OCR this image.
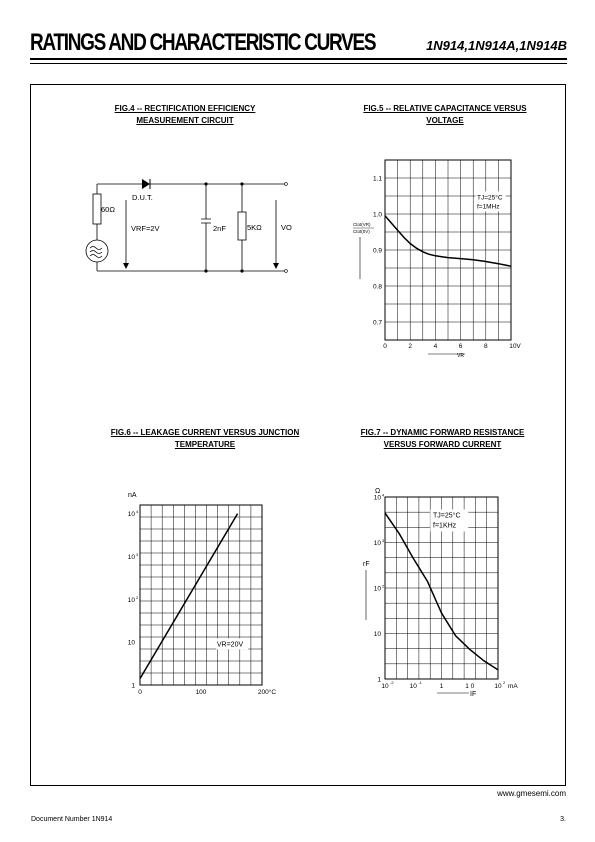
RATINGS AND CHARACTERISTIC CURVES	1N914,1N914A,1N914B
FIG.4 -- RECTIFICATION EFFICIENCY
MEASUREMENT CIRCUIT
60Ω
D.U.T.
VRF=2V	2nF	5KΩ	VO
FIG.5 -- RELATIVE CAPACITANCE VERSUS
VOLTAGE
0.7
0.8
0.9
1.0
1.1
0	2	4	6	8	10V
VR
Ctot(VR)
Ctot(0V)
TJ=25°C
f=1MHz
FIG.6 -- LEAKAGE CURRENT VERSUS JUNCTION
TEMPERATURE
nA
1
10
10 2
10 3
10 4
0	100	200°C
VR=20V
FIG.7 -- DYNAMIC FORWARD RESISTANCE
VERSUS FORWARD CURRENT
Ω
1
10
10 2
10 3
10 4
10
-2
10
-1
1	1 0	10
2
mA
IF
rF
TJ=25°C
f=1KHz
www.gmesemi.com
Document Number 1N914	3.
